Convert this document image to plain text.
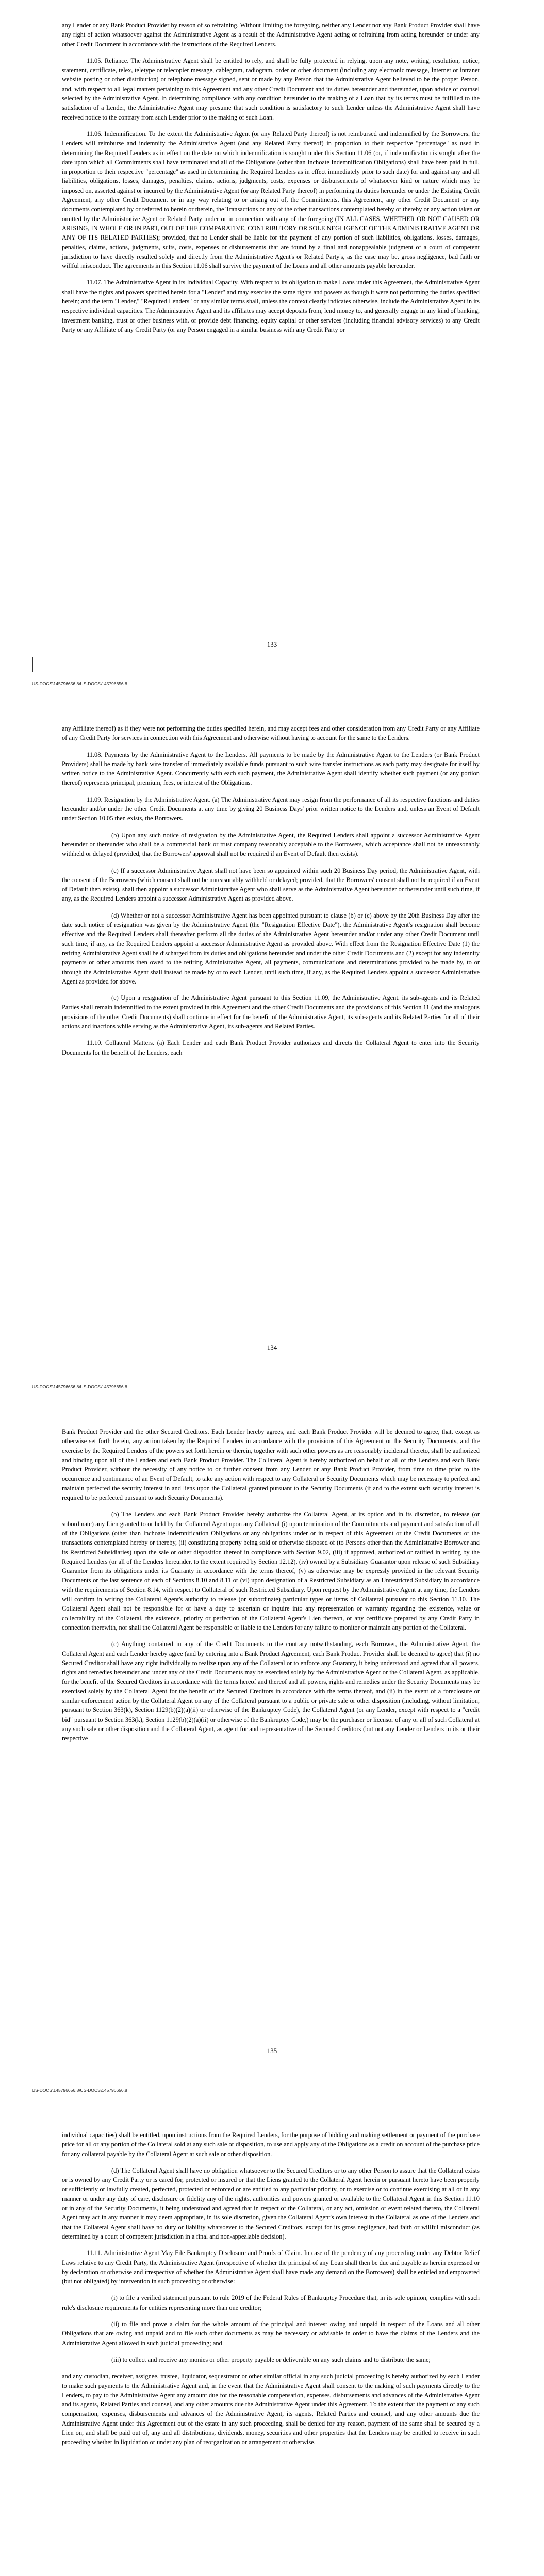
any Lender or any Bank Product Provider by reason of so refraining. Without limiting the foregoing, neither any Lender nor any Bank Product Provider shall have any right of action whatsoever against the Administrative Agent as a result of the Administrative Agent acting or refraining from acting hereunder or under any other Credit Document in accordance with the instructions of the Required Lenders.

11.05. Reliance. The Administrative Agent shall be entitled to rely, and shall be fully protected in relying, upon any note, writing, resolution, notice, statement, certificate, telex, teletype or telecopier message, cablegram, radiogram, order or other document (including any electronic message, Internet or intranet website posting or other distribution) or telephone message signed, sent or made by any Person that the Administrative Agent believed to be the proper Person, and, with respect to all legal matters pertaining to this Agreement and any other Credit Document and its duties hereunder and thereunder, upon advice of counsel selected by the Administrative Agent. In determining compliance with any condition hereunder to the making of a Loan that by its terms must be fulfilled to the satisfaction of a Lender, the Administrative Agent may presume that such condition is satisfactory to such Lender unless the Administrative Agent shall have received notice to the contrary from such Lender prior to the making of such Loan.

11.06. Indemnification. To the extent the Administrative Agent (or any Related Party thereof) is not reimbursed and indemnified by the Borrowers, the Lenders will reimburse and indemnify the Administrative Agent (and any Related Party thereof) in proportion to their respective "percentage" as used in determining the Required Lenders as in effect on the date on which indemnification is sought under this Section 11.06 (or, if indemnification is sought after the date upon which all Commitments shall have terminated and all of the Obligations (other than Inchoate Indemnification Obligations) shall have been paid in full, in proportion to their respective "percentage" as used in determining the Required Lenders as in effect immediately prior to such date) for and against any and all liabilities, obligations, losses, damages, penalties, claims, actions, judgments, costs, expenses or disbursements of whatsoever kind or nature which may be imposed on, asserted against or incurred by the Administrative Agent (or any Related Party thereof) in performing its duties hereunder or under the Existing Credit Agreement, any other Credit Document or in any way relating to or arising out of, the Commitments, this Agreement, any other Credit Document or any documents contemplated by or referred to herein or therein, the Transactions or any of the other transactions contemplated hereby or thereby or any action taken or omitted by the Administrative Agent or Related Party under or in connection with any of the foregoing (IN ALL CASES, WHETHER OR NOT CAUSED OR ARISING, IN WHOLE OR IN PART, OUT OF THE COMPARATIVE, CONTRIBUTORY OR SOLE NEGLIGENCE OF THE ADMINISTRATIVE AGENT OR ANY OF ITS RELATED PARTIES); provided, that no Lender shall be liable for the payment of any portion of such liabilities, obligations, losses, damages, penalties, claims, actions, judgments, suits, costs, expenses or disbursements that are found by a final and nonappealable judgment of a court of competent jurisdiction to have directly resulted solely and directly from the Administrative Agent's or Related Party's, as the case may be, gross negligence, bad faith or willful misconduct. The agreements in this Section 11.06 shall survive the payment of the Loans and all other amounts payable hereunder.

11.07. The Administrative Agent in its Individual Capacity. With respect to its obligation to make Loans under this Agreement, the Administrative Agent shall have the rights and powers specified herein for a "Lender" and may exercise the same rights and powers as though it were not performing the duties specified herein; and the term "Lender," "Required Lenders" or any similar terms shall, unless the context clearly indicates otherwise, include the Administrative Agent in its respective individual capacities. The Administrative Agent and its affiliates may accept deposits from, lend money to, and generally engage in any kind of banking, investment banking, trust or other business with, or provide debt financing, equity capital or other services (including financial advisory services) to any Credit Party or any Affiliate of any Credit Party (or any Person engaged in a similar business with any Credit Party or

133
US-DOCS\145796656.8\US-DOCS\145796656.8

any Affiliate thereof) as if they were not performing the duties specified herein, and may accept fees and other consideration from any Credit Party or any Affiliate of any Credit Party for services in connection with this Agreement and otherwise without having to account for the same to the Lenders.

11.08. Payments by the Administrative Agent to the Lenders. All payments to be made by the Administrative Agent to the Lenders (or Bank Product Providers) shall be made by bank wire transfer of immediately available funds pursuant to such wire transfer instructions as each party may designate for itself by written notice to the Administrative Agent. Concurrently with each such payment, the Administrative Agent shall identify whether such payment (or any portion thereof) represents principal, premium, fees, or interest of the Obligations.

11.09. Resignation by the Administrative Agent. (a) The Administrative Agent may resign from the performance of all its respective functions and duties hereunder and/or under the other Credit Documents at any time by giving 20 Business Days' prior written notice to the Lenders and, unless an Event of Default under Section 10.05 then exists, the Borrowers.

(b) Upon any such notice of resignation by the Administrative Agent, the Required Lenders shall appoint a successor Administrative Agent hereunder or thereunder who shall be a commercial bank or trust company reasonably acceptable to the Borrowers, which acceptance shall not be unreasonably withheld or delayed (provided, that the Borrowers' approval shall not be required if an Event of Default then exists).

(c) If a successor Administrative Agent shall not have been so appointed within such 20 Business Day period, the Administrative Agent, with the consent of the Borrowers (which consent shall not be unreasonably withheld or delayed; provided, that the Borrowers' consent shall not be required if an Event of Default then exists), shall then appoint a successor Administrative Agent who shall serve as the Administrative Agent hereunder or thereunder until such time, if any, as the Required Lenders appoint a successor Administrative Agent as provided above.

(d) Whether or not a successor Administrative Agent has been appointed pursuant to clause (b) or (c) above by the 20th Business Day after the date such notice of resignation was given by the Administrative Agent (the "Resignation Effective Date"), the Administrative Agent's resignation shall become effective and the Required Lenders shall thereafter perform all the duties of the Administrative Agent hereunder and/or under any other Credit Document until such time, if any, as the Required Lenders appoint a successor Administrative Agent as provided above. With effect from the Resignation Effective Date (1) the retiring Administrative Agent shall be discharged from its duties and obligations hereunder and under the other Credit Documents and (2) except for any indemnity payments or other amounts then owed to the retiring Administrative Agent, all payments, communications and determinations provided to be made by, to or through the Administrative Agent shall instead be made by or to each Lender, until such time, if any, as the Required Lenders appoint a successor Administrative Agent as provided for above.

(e) Upon a resignation of the Administrative Agent pursuant to this Section 11.09, the Administrative Agent, its sub-agents and its Related Parties shall remain indemnified to the extent provided in this Agreement and the other Credit Documents and the provisions of this Section 11 (and the analogous provisions of the other Credit Documents) shall continue in effect for the benefit of the Administrative Agent, its sub-agents and its Related Parties for all of their actions and inactions while serving as the Administrative Agent, its sub-agents and Related Parties.

11.10. Collateral Matters. (a) Each Lender and each Bank Product Provider authorizes and directs the Collateral Agent to enter into the Security Documents for the benefit of the Lenders, each

134
US-DOCS\145796656.8\US-DOCS\145796656.8

Bank Product Provider and the other Secured Creditors. Each Lender hereby agrees, and each Bank Product Provider will be deemed to agree, that, except as otherwise set forth herein, any action taken by the Required Lenders in accordance with the provisions of this Agreement or the Security Documents, and the exercise by the Required Lenders of the powers set forth herein or therein, together with such other powers as are reasonably incidental thereto, shall be authorized and binding upon all of the Lenders and each Bank Product Provider. The Collateral Agent is hereby authorized on behalf of all of the Lenders and each Bank Product Provider, without the necessity of any notice to or further consent from any Lender or any Bank Product Provider, from time to time prior to the occurrence and continuance of an Event of Default, to take any action with respect to any Collateral or Security Documents which may be necessary to perfect and maintain perfected the security interest in and liens upon the Collateral granted pursuant to the Security Documents (if and to the extent such security interest is required to be perfected pursuant to such Security Documents).

(b) The Lenders and each Bank Product Provider hereby authorize the Collateral Agent, at its option and in its discretion, to release (or subordinate) any Lien granted to or held by the Collateral Agent upon any Collateral (i) upon termination of the Commitments and payment and satisfaction of all of the Obligations (other than Inchoate Indemnification Obligations or any obligations under or in respect of this Agreement or the Credit Documents or the transactions contemplated hereby or thereby, (ii) constituting property being sold or otherwise disposed of (to Persons other than the Administrative Borrower and its Restricted Subsidiaries) upon the sale or other disposition thereof in compliance with Section 9.02, (iii) if approved, authorized or ratified in writing by the Required Lenders (or all of the Lenders hereunder, to the extent required by Section 12.12), (iv) owned by a Subsidiary Guarantor upon release of such Subsidiary Guarantor from its obligations under its Guaranty in accordance with the terms thereof, (v) as otherwise may be expressly provided in the relevant Security Documents or the last sentence of each of Sections 8.10 and 8.11 or (vi) upon designation of a Restricted Subsidiary as an Unrestricted Subsidiary in accordance with the requirements of Section 8.14, with respect to Collateral of such Restricted Subsidiary. Upon request by the Administrative Agent at any time, the Lenders will confirm in writing the Collateral Agent's authority to release (or subordinate) particular types or items of Collateral pursuant to this Section 11.10. The Collateral Agent shall not be responsible for or have a duty to ascertain or inquire into any representation or warranty regarding the existence, value or collectability of the Collateral, the existence, priority or perfection of the Collateral Agent's Lien thereon, or any certificate prepared by any Credit Party in connection therewith, nor shall the Collateral Agent be responsible or liable to the Lenders for any failure to monitor or maintain any portion of the Collateral.

(c) Anything contained in any of the Credit Documents to the contrary notwithstanding, each Borrower, the Administrative Agent, the Collateral Agent and each Lender hereby agree (and by entering into a Bank Product Agreement, each Bank Product Provider shall be deemed to agree) that (i) no Secured Creditor shall have any right individually to realize upon any of the Collateral or to enforce any Guaranty, it being understood and agreed that all powers, rights and remedies hereunder and under any of the Credit Documents may be exercised solely by the Administrative Agent or the Collateral Agent, as applicable, for the benefit of the Secured Creditors in accordance with the terms hereof and thereof and all powers, rights and remedies under the Security Documents may be exercised solely by the Collateral Agent for the benefit of the Secured Creditors in accordance with the terms thereof, and (ii) in the event of a foreclosure or similar enforcement action by the Collateral Agent on any of the Collateral pursuant to a public or private sale or other disposition (including, without limitation, pursuant to Section 363(k), Section 1129(b)(2)(a)(ii) or otherwise of the Bankruptcy Code), the Collateral Agent (or any Lender, except with respect to a "credit bid" pursuant to Section 363(k), Section 1129(b)(2)(a)(ii) or otherwise of the Bankruptcy Code,) may be the purchaser or licensor of any or all of such Collateral at any such sale or other disposition and the Collateral Agent, as agent for and representative of the Secured Creditors (but not any Lender or Lenders in its or their respective

135
US-DOCS\145796656.8\US-DOCS\145796656.8

individual capacities) shall be entitled, upon instructions from the Required Lenders, for the purpose of bidding and making settlement or payment of the purchase price for all or any portion of the Collateral sold at any such sale or disposition, to use and apply any of the Obligations as a credit on account of the purchase price for any collateral payable by the Collateral Agent at such sale or other disposition.

(d) The Collateral Agent shall have no obligation whatsoever to the Secured Creditors or to any other Person to assure that the Collateral exists or is owned by any Credit Party or is cared for, protected or insured or that the Liens granted to the Collateral Agent herein or pursuant hereto have been properly or sufficiently or lawfully created, perfected, protected or enforced or are entitled to any particular priority, or to exercise or to continue exercising at all or in any manner or under any duty of care, disclosure or fidelity any of the rights, authorities and powers granted or available to the Collateral Agent in this Section 11.10 or in any of the Security Documents, it being understood and agreed that in respect of the Collateral, or any act, omission or event related thereto, the Collateral Agent may act in any manner it may deem appropriate, in its sole discretion, given the Collateral Agent's own interest in the Collateral as one of the Lenders and that the Collateral Agent shall have no duty or liability whatsoever to the Secured Creditors, except for its gross negligence, bad faith or willful misconduct (as determined by a court of competent jurisdiction in a final and non-appealable decision).

11.11. Administrative Agent May File Bankruptcy Disclosure and Proofs of Claim. In case of the pendency of any proceeding under any Debtor Relief Laws relative to any Credit Party, the Administrative Agent (irrespective of whether the principal of any Loan shall then be due and payable as herein expressed or by declaration or otherwise and irrespective of whether the Administrative Agent shall have made any demand on the Borrowers) shall be entitled and empowered (but not obligated) by intervention in such proceeding or otherwise:

(i) to file a verified statement pursuant to rule 2019 of the Federal Rules of Bankruptcy Procedure that, in its sole opinion, complies with such rule's disclosure requirements for entities representing more than one creditor;

(ii) to file and prove a claim for the whole amount of the principal and interest owing and unpaid in respect of the Loans and all other Obligations that are owing and unpaid and to file such other documents as may be necessary or advisable in order to have the claims of the Lenders and the Administrative Agent allowed in such judicial proceeding; and

(iii) to collect and receive any monies or other property payable or deliverable on any such claims and to distribute the same;

and any custodian, receiver, assignee, trustee, liquidator, sequestrator or other similar official in any such judicial proceeding is hereby authorized by each Lender to make such payments to the Administrative Agent and, in the event that the Administrative Agent shall consent to the making of such payments directly to the Lenders, to pay to the Administrative Agent any amount due for the reasonable compensation, expenses, disbursements and advances of the Administrative Agent and its agents, Related Parties and counsel, and any other amounts due the Administrative Agent under this Agreement. To the extent that the payment of any such compensation, expenses, disbursements and advances of the Administrative Agent, its agents, Related Parties and counsel, and any other amounts due the Administrative Agent under this Agreement out of the estate in any such proceeding, shall be denied for any reason, payment of the same shall be secured by a Lien on, and shall be paid out of, any and all distributions, dividends, money, securities and other properties that the Lenders may be entitled to receive in such proceeding whether in liquidation or under any plan of reorganization or arrangement or otherwise.
